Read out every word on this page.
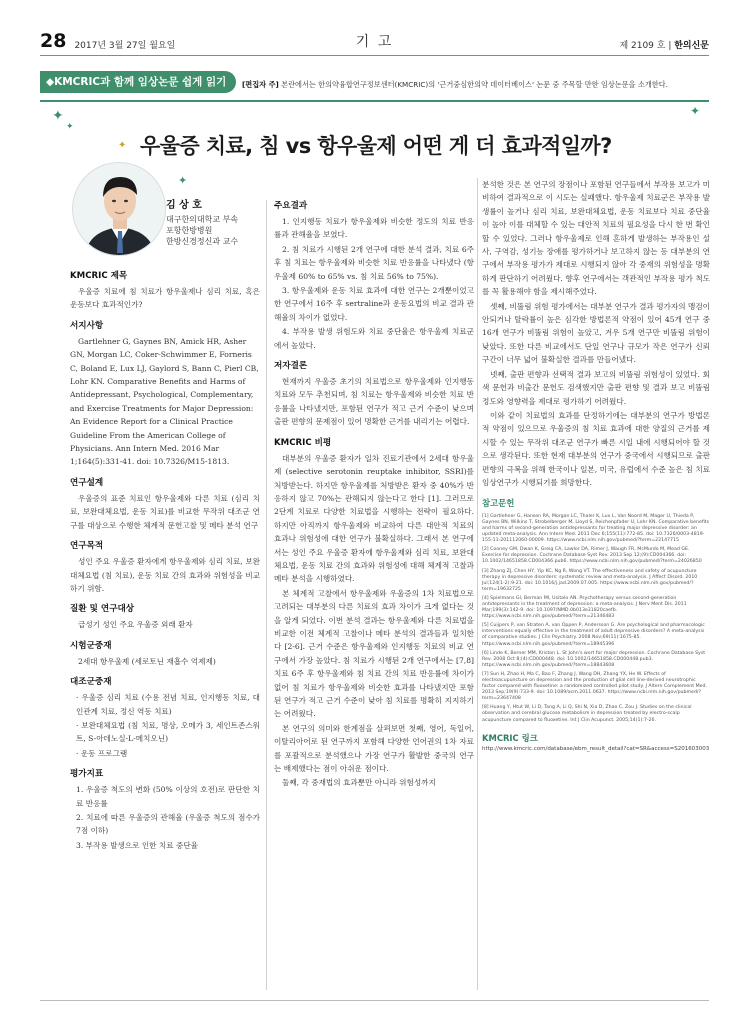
28 2017년 3월 27일 월요일	기 고	제 2109 호 | 한의신문
◆KMCRIC과 함께 임상논문 쉽게 읽기	[편집자 주] 본란에서는 한의약융합연구정보센터(KMCRIC)의 '근거중심한의약 데이터베이스' 논문 중 주목할 만한 임상논문을 소개한다.
✦
✦
✦
✦
✦
우울증 치료, 침 vs 항우울제 어떤 게 더 효과적일까?
김 상 호
대구한의대학교 부속
포항한방병원
한방신경정신과 교수
KMCRIC 제목

우울증 치료에 침 치료가 항우울제나 심리 치료, 혹은 운동보다 효과적인가?

서지사항

Gartlehner G, Gaynes BN, Amick HR, Asher GN, Morgan LC, Coker-Schwimmer E, Forneris C, Boland E, Lux LJ, Gaylord S, Bann C, Pierl CB, Lohr KN. Comparative Benefits and Harms of Antidepressant, Psychological, Complementary, and Exercise Treatments for Major Depression: An Evidence Report for a Clinical Practice Guideline From the American College of Physicians. Ann Intern Med. 2016 Mar 1;164(5):331-41. doi: 10.7326/M15-1813.

연구설계

우울증의 표준 치료인 항우울제와 다른 치료 (심리 치료, 보완대체요법, 운동 치료)를 비교한 무작위 대조군 연구를 대상으로 수행한 체계적 문헌고찰 및 메타 분석 연구

연구목적

성인 주요 우울증 환자에게 항우울제와 심리 치료, 보완대체요법 (침 치료), 운동 치료 간의 효과와 위험성을 비교하기 위함.

질환 및 연구대상

급성기 성인 주요 우울증 외래 환자

시험군중재

2세대 항우울제 (세로토닌 재흡수 억제제)

대조군중재

· 우울증 심리 치료 (수용 전념 치료, 인지행동 치료, 대인관계 치료, 정신 역동 치료)

· 보완대체요법 (침 치료, 명상, 오메가 3, 세인트존스워트, S-아데노실-L-메치오닌)

· 운동 프로그램

평가지표

1. 우울증 척도의 변화 (50% 이상의 호전)로 판단한 치료 반응률

2. 치료에 따른 우울증의 관해율 (우울증 척도의 점수가 7점 이하)

3. 부작용 발생으로 인한 치료 중단율

주요결과

1. 인지행동 치료가 항우울제와 비슷한 정도의 치료 반응률과 관해율을 보였다.

2. 침 치료가 시행된 2개 연구에 대한 분석 결과, 치료 6주 후 침 치료는 항우울제와 비슷한 치료 반응률을 나타냈다 (항우울제 60% to 65% vs. 침 치료 56% to 75%).

3. 항우울제와 운동 치료 효과에 대한 연구는 2개뿐이었고 한 연구에서 16주 후 sertraline과 운동요법의 비교 결과 관해율의 차이가 없었다.

4. 부작용 발생 위험도와 치료 중단율은 항우울제 치료군에서 높았다.

저자결론

현재까지 우울증 초기의 치료법으로 항우울제와 인지행동 치료와 모두 추천되며, 침 치료는 항우울제와 비슷한 치료 반응률을 나타냈지만, 포함된 연구가 적고 근거 수준이 낮으며 출판 편향의 문제점이 있어 명확한 근거를 내리기는 어렵다.

KMCRIC 비평

대부분의 우울증 환자가 일차 진료기관에서 2세대 항우울제 (selective serotonin reuptake inhibitor, SSRI)를 처방받는다. 하지만 항우울제를 처방받은 환자 중 40%가 반응하지 않고 70%는 관해되지 않는다고 한다 [1]. 그러므로 2단계 치료로 다양한 치료법을 시행하는 전략이 필요하다. 하지만 아직까지 항우울제와 비교하여 다른 대안적 치료의 효과나 위험성에 대한 연구가 불확실하다. 그래서 본 연구에서는 성인 주요 우울증 환자에 항우울제와 심리 치료, 보완대체요법, 운동 치료 간의 효과와 위험성에 대해 체계적 고찰과 메타 분석을 시행하였다.

본 체계적 고찰에서 항우울제와 우울증의 1차 치료법으로 고려되는 대부분의 다른 치료의 효과 차이가 크게 없다는 것을 알게 되었다. 이번 분석 결과는 항우울제와 다른 치료법을 비교한 이전 체계적 고찰이나 메타 분석의 결과들과 일치한다 [2-6]. 근거 수준은 항우울제와 인지행동 치료의 비교 연구에서 가장 높았다. 침 치료가 시행된 2개 연구에서는 [7,8] 치료 6주 후 항우울제와 침 치료 간의 치료 반응률에 차이가 없어 침 치료가 항우울제와 비슷한 효과를 나타냈지만 포함된 연구가 적고 근거 수준이 낮아 침 치료를 명확히 지지하기는 어려웠다.

본 연구의 의미와 한계점을 살펴보면 첫째, 영어, 독일어, 이탈리아어로 된 연구까지 포함해 다양한 언어권의 1차 자료를 포괄적으로 분석했으나 가장 연구가 활발한 중국의 연구는 배제했다는 점이 아쉬운 점이다.

둘째, 각 중재법의 효과뿐만 아니라 위험성까지

분석한 것은 본 연구의 장점이나 포함된 연구들에서 부작용 보고가 미비하여 결과적으로 이 시도는 실패했다. 항우울제 치료군은 부작용 발생률이 높거나 심리 치료, 보완대체요법, 운동 치료보다 치료 중단율이 높아 이를 대체할 수 있는 대안적 치료의 필요성을 다시 한 번 확인할 수 있었다. 그러나 항우울제로 인해 흔하게 발생하는 부작용인 설사, 구역감, 성기능 장애를 평가하거나 보고하지 않는 등 대부분의 연구에서 부작용 평가가 제대로 시행되지 않아 각 중재의 위험성을 명확하게 판단하기 어려웠다. 향후 연구에서는 객관적인 부작용 평가 척도를 꼭 활용해야 함을 제시해주었다.

셋째, 비뚤림 위험 평가에서는 대부분 연구가 결과 평가자의 맹검이 안되거나 탈락률이 높은 심각한 방법론적 약점이 있어 45개 연구 중 16개 연구가 비뚤림 위험이 높았고, 겨우 5개 연구만 비뚤림 위험이 낮았다. 또한 다른 비교에서도 단일 연구나 규모가 작은 연구가 신뢰구간이 너무 넓어 불확실한 결과를 만들어냈다.

넷째, 출판 편향과 선택적 결과 보고의 비뚤림 위험성이 있었다. 회색 문헌과 비출간 문헌도 검색했지만 출판 편향 및 결과 보고 비뚤림 정도와 영향력을 제대로 평가하기 어려웠다.

이와 같이 치료법의 효과를 단정하기에는 대부분의 연구가 방법론적 약점이 있으므로 우울증의 침 치료 효과에 대한 양질의 근거를 제시할 수 있는 무작위 대조군 연구가 빠른 시일 내에 시행되어야 할 것으로 생각된다. 또한 현재 대부분의 연구가 중국에서 시행되므로 출판 편향의 극복을 위해 한국이나 일본, 미국, 유럽에서 수준 높은 침 치료 임상연구가 시행되기를 희망한다.

참고문헌

[1] Gartlehner G, Hansen RA, Morgan LC, Thaler K, Lux L, Van Noord M, Mager U, Thieda P, Gaynes BN, Wilkins T, Strobelberger M, Lloyd S, Reichenpfader U, Lohr KN. Comparative benefits and harms of second-generation antidepressants for treating major depressive disorder: an updated meta-analysis. Ann Intern Med. 2011 Dec 6;155(11):772-85. doi: 10.7326/0003-4819-155-11-201112060-00009. https://www.ncbi.nlm.nih.gov/pubmed/?term=22147715

[2] Cooney GM, Dwan K, Greig CA, Lawlor DA, Rimer J, Waugh FR, McMurdo M, Mead GE. Exercise for depression. Cochrane Database Syst Rev. 2013 Sep 12;(9):CD004366. doi: 10.1002/14651858.CD004366.pub6. https://www.ncbi.nlm.nih.gov/pubmed/?term=24026850

[3] Zhang ZJ, Chen HY, Yip KC, Ng R, Wong VT. The effectiveness and safety of acupuncture therapy in depressive disorders: systematic review and meta-analysis. J Affect Disord. 2010 Jul;124(1-2):9-21. doi: 10.1016/j.jad.2009.07.005. https://www.ncbi.nlm.nih.gov/pubmed/?term=19632725

[4] Spielmans GI, Berman MI, Usitalo AN. Psychotherapy versus second-generation antidepressants in the treatment of depression: a meta-analysis. J Nerv Ment Dis. 2011 Mar;199(3):142-9. doi: 10.1097/NMD.0b013e31820caefb. https://www.ncbi.nlm.nih.gov/pubmed/?term=21346483

[5] Cuijpers P, van Straten A, van Oppen P, Andersson G. Are psychological and pharmacologic interventions equally effective in the treatment of adult depressive disorders? A meta-analysis of comparative studies. J Clin Psychiatry. 2008 Nov;69(11):1675-85. https://www.ncbi.nlm.nih.gov/pubmed/?term=18945396

[6] Linde K, Berner MM, Kriston L. St John's wort for major depression. Cochrane Database Syst Rev. 2008 Oct 8;(4):CD000448. doi: 10.1002/14651858.CD000448.pub3. https://www.ncbi.nlm.nih.gov/pubmed/?term=18843608

[7] Sun H, Zhao H, Ma C, Bao F, Zhang J, Wang DH, Zhang YX, He W. Effects of electroacupuncture on depression and the production of glial cell line-derived neurotrophic factor compared with fluoxetine: a randomized controlled pilot study. J Altern Complement Med. 2013 Sep;19(9):733-9. doi: 10.1089/acm.2011.0637. https://www.ncbi.nlm.nih.gov/pubmed/?term=23647408

[8] Huang Y, Htut W, Li D, Tang A, Li Q, Shi N, Xia D, Zhao C, Zou J. Studies on the clinical observation and cerebral glucose metabolism in depression treated by electro-scalp acupuncture compared to fluoxetine. Int J Clin Acupunct. 2005;14(1):7-26.

KMCRIC 링크
http://www.kmcric.com/database/ebm_result_detail?cat=SR&access=S201603003
